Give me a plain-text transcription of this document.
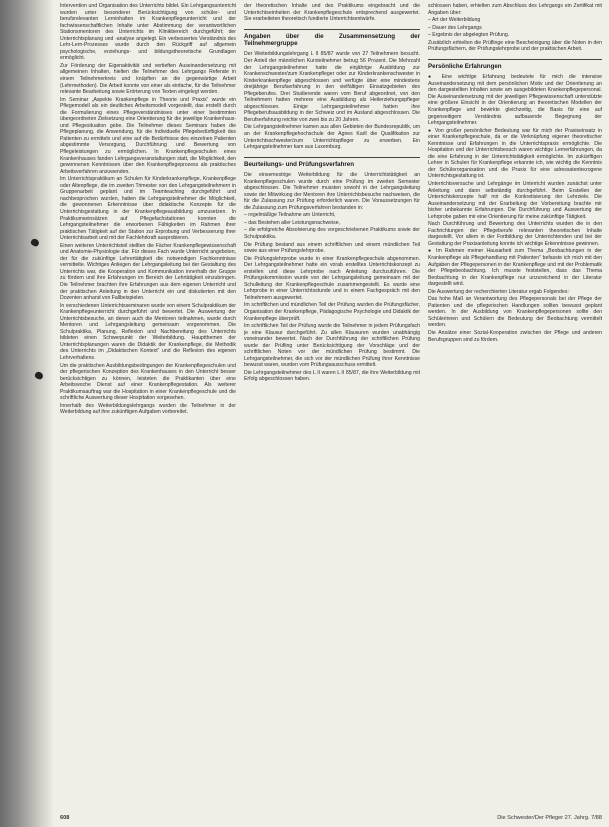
Intervention und Organisation des Unterrichts bildet. Ein Lehrgangsunterricht wurden unter besonderer Berücksichtigung von schüler- und berufsrelevanten Lerninhalten im Krankenpflegeunterricht und der fachwissenschaftlichen Inhalte unter Abstimmung der verantwortlichen Stationsmentoren des Unterrichts im Klinikbereich durchgeführt; der Unterrichtsplanung und -analyse angelegt. Ein verbessertes Verständnis des Lehr-Lern-Prozesses wurde durch den Rückgriff auf allgemein psychologische, erziehungs- und bildungstheoretische Grundlagen ermöglicht.

Zur Förderung der Eigenaktivität und vertieften Auseinandersetzung mit allgemeinen Inhalten, hielten die Teilnehmer des Lehrgangs Referate in einem Teilnehmerkreis und knüpften an die gegenwärtige Arbeit (Lehrmethoden). Die Arbeit konnte von einer als einfache, für die Teilnehmer relevante Bearbeitung sowie Erörterung von Texten eingelegt werden.

Im Seminar „Aspekte Krankenpflege in Theorie und Praxis“ wurde ein Pflegemodell als ein deutliches Arbeitsmodell vorgestellt, das erstellt durch die Formulierung eines Pflegeverständnisses unter einer bestimmten übergeordneten Zielsetzung eine Orientierung für die jeweilige Krankenhaus- und Pflegesituation gebe. Die Teilnehmer dieses Seminars haben die Pflegeplanung, die Anwendung, für die Individuelle Pflegebedürftigkeit des Patienten zu ermitteln und eine auf die Bedürfnisse des einzelnen Patienten abgestimmte Versorgung, Durchführung und Bewertung von Pflegeleistungen zu ermöglichen. In Krankenpflegeschulen eines Krankenhauses fanden Lehrgangsveranstaltungen statt, die Möglichkeit, den gewonnenen Kenntnissen über den Krankenpflegeprozess als praktisches Arbeitsverfahren anzuwenden.

Im Unterrichtspraktikum an Schulen für Kinderkrankenpflege, Krankenpflege oder Altenpflege, die im zweiten Trimester von den Lehrgangsteilnehmern in Gruppenarbeit geplant und im Teamteaching durchgeführt und nachbesprochen wurden, hatten die Lehrgangsteilnehmer die Möglichkeit, die gewonnenen Erkenntnisse über didaktische Konzepte für die Unterrichtsgestaltung in der Krankenpflegeausbildung umzusetzen. In Praktikumseinsätzen auf Pflegefachstationen konnten die Lehrgangsteilnehmer die erworbenen Fähigkeiten im Rahmen ihrer praktischen Tätigkeit auf der Station zur Erprobung und Verbesserung ihrer Unterrichtsarbeit und mit der Fachlehrkraft ausprobieren.

Einen weiteren Unterrichtsteil stellten die Fächer Krankenpflegewissenschaft und Anatomie-Physiologie dar. Für dieses Fach wurde Unterricht angeboten, der für die zukünftige Lehrertätigkeit die notwendigen Fachkenntnisse vermittelte. Wichtiges Anliegen der Lehrgangsleitung bei der Gestaltung des Unterrichts war, die Kooperation und Kommunikation innerhalb der Gruppe zu fördern und ihre Erfahrungen im Bereich der Lehrtätigkeit einzubringen. Die Teilnehmer brachten ihre Erfahrungen aus dem eigenen Unterricht und der praktischen Anleitung in den Unterricht ein und diskutierten mit den Dozenten anhand von Fallbeispielen.

In verschiedenen Unterrichtsseminaren wurde von einem Schulpraktikum der Krankenpflegeunterricht durchgeführt und bewertet. Die Auswertung der Unterrichtsbesuche, an denen auch die Mentoren teilnahmen, wurde durch Mentoren und Lehrgangsleitung gemeinsam vorgenommen. Die Schulpraktika, Planung, Reflexion und Nachbereitung des Unterrichts bildeten einen Schwerpunkt der Weiterbildung. Hauptthemen der Unterrichtsplanungen waren die Didaktik der Krankenpflege, die Methodik des Unterrichts im „Didaktischen Kontext“ und die Reflexion des eigenen Lehrverhaltens.

Um die praktischen Ausbildungsbedingungen der Krankenpflegeschulen und der pflegerischen Konzeption des Krankenhauses in den Unterricht besser berücksichtigen zu können, leisteten die Praktikanten über eine Arbeitswoche Dienst auf einer Krankenpflegestation. Als weiterer Praktikumsauftrag war die Hospitation in einer Krankenpflegeschule und die schriftliche Auswertung dieser Hospitation vorgesehen.

Innerhalb des Weiterbildungslehrgangs wurden die Teilnehmer in der Weiterbildung auf ihre zukünftigen Aufgaben vorbereitet.

der theoretischen Inhalte und des Praktikums eingebracht und die Unterrichtseinheiten der Krankenpflegeschule entsprechend ausgewertet. Sie erarbeiteten theoretisch fundierte Unterrichtsentwürfe.

Angaben über die Zusammensetzung der Teilnehmergruppe

Der Weiterbildungslehrgang L II 85/87 wurde von 27 Teilnehmern besucht. Der Anteil der männlichen Kursteilnehmer betrug 56 Prozent. Die Mehrzahl der Lehrgangsteilnehmer hatte die einjährige Ausbildung zur Krankenschwester/zum Krankenpfleger oder zur Kinderkrankenschwester in Kinderkrankenpflege abgeschlossen und verfügte über eine mindestens dreijährige Berufserfahrung in den vielfältigen Einsatzgebieten des Pflegeberufes. Drei Studierende waren vom Beruf abgeordnet, von den Teilnehmern hatten mehrere eine Ausbildung als Heilerziehungspfleger abgeschlossen. Einige Lehrgangsteilnehmer hatten ihre Pflegeberufsausbildung in der Schweiz und im Ausland abgeschlossen. Die Berufserfahrung reichte von zwei bis zu 20 Jahren.

Die Lehrgangsteilnehmer kamen aus allen Gebieten der Bundesrepublik, um an der Krankenpflegehochschule der Agnes Karll die Qualifikation zur Unterrichtsschwester/zum Unterrichtspfleger zu erwerben. Ein Lehrgangsteilnehmer kam aus Luxemburg.

Beurteilungs- und Prüfungsverfahren

Die einsemestrige Weiterbildung für die Unterrichtstätigkeit an Krankenpflegeschulen wurde durch eine Prüfung im zweiten Semester abgeschlossen. Die Teilnehmer mussten sowohl in der Lehrgangsleitung sowie der Mitwirkung der Mentoren ihre Unterrichtsbesuche nachweisen, die für die Zulassung zur Prüfung erforderlich waren. Die Voraussetzungen für die Zulassung zum Prüfungsverfahren bestanden in:

– regelmäßige Teilnahme am Unterricht,

– das Bestehen aller Leistungsnachweise,

– die erfolgreiche Absolvierung des vorgeschriebenen Praktikums sowie der Schulpraktika.

Die Prüfung bestand aus einem schriftlichen und einem mündlichen Teil sowie aus einer Prüfungslehrprobe.

Die Prüfungslehrprobe wurde in einer Krankenpflegeschule abgenommen. Der Lehrgangsteilnehmer hatte ein vorab erstelltes Unterrichtskonzept zu erstellen und diese Lehrprobe nach Anleitung durchzuführen. Die Prüfungskommission wurde von der Lehrgangsleitung gemeinsam mit der Schulleitung der Krankenpflegeschule zusammengestellt. Es wurde eine Lehrprobe in einer Unterrichtsstunde und in einem Fachgespräch mit den Teilnehmern ausgewertet.

Im schriftlichen und mündlichen Teil der Prüfung wurden die Prüfungsfächer, Organisation der Krankenpflege, Pädagogische Psychologie und Didaktik der Krankenpflege überprüft.

Im schriftlichen Teil der Prüfung wurde die Teilnehmer in jedem Prüfungsfach je eine Klausur durchgeführt. Zu allen Klausuren wurden unabhängig voneinander bewertet. Nach der Durchführung der schriftlichen Prüfung wurde der Prüfling unter Berücksichtigung der Vorschläge und der schriftlichen Noten vor der mündlichen Prüfung bestimmt. Die Lehrgangsteilnehmer, die sich vor der mündlichen Prüfung ihrer Kenntnisse bewusst waren, wurden vom Prüfungsausschuss ermittelt.

Die Lehrgangsteilnehmer des L II waren L II 85/87, die ihre Weiterbildung mit Erfolg abgeschlossen haben.

schlossen haben, erhielten zum Abschluss des Lehrgangs ein Zertifikat mit Angaben über:

– Art der Weiterbildung

– Dauer des Lehrgangs

– Ergebnis der abgelegten Prüfung.

Zusätzlich erhielten die Prüflinge eine Bescheinigung über die Noten in den Prüfungsfächern, der Prüfungslehrprobe und der praktischen Arbeit.

Persönliche Erfahrungen

● Eine wichtige Erfahrung bedeutete für mich die intensive Auseinandersetzung mit dem persönlichen Motiv und der Orientierung an den dargestellten Inhalten sowie am ausgebildeten Krankenpflegepersonal. Die Auseinandersetzung mit der jeweiligen Pflegewissenschaft unterstützte eine größere Einsicht in der Orientierung an theoretischen Modellen der Krankenpflege und bewirkte gleichzeitig, die Basis für eine auf gegenseitigem Verständnis aufbauende Begegnung der Lehrgangsteilnehmer.

● Von großer persönlicher Bedeutung war für mich der Praxiseinsatz in einer Krankenpflegeschule, da er die Verknüpfung eigener theoretischer Kenntnisse und Erfahrungen in die Unterrichtspraxis ermöglichte. Die Hospitation und der Unterrichtsbesuch waren wichtige Lernerfahrungen, da die eine Erfahrung in der Unterrichtstätigkeit ermöglichte. Im zukünftigen Lehrer in Schulen für Krankenpflege erkannte ich, wie wichtig die Kenntnis der Schülerorganisation und die Praxis für eine adressatenbezogene Unterrichtsgestaltung ist.

Unterrichtsversuche und Lehrgänge im Unterricht wurden zunächst unter Anleitung und dann selbständig durchgeführt. Beim Erstellen der Unterrichtskonzepte half mir die Konkretisierung der Lehrziele. Die Auseinandersetzung mit der Erarbeitung der Vorbereitung brachte mir bisher unbekannte Erfahrungen. Die Durchführung und Auswertung der Lehrprobe gaben mir eine Orientierung für meine zukünftige Tätigkeit.

Nach Durchführung und Bewertung des Unterrichts wurden die in den Fachrichtungen der Pflegeberufe relevanten theoretischen Inhalte dargestellt. Vor allem in der Fortbildung der Unterrichtenden und bei der Gestaltung der Praxisanleitung konnte ich wichtige Erkenntnisse gewinnen.

● Im Rahmen meiner Hausarbeit zum Thema „Beobachtungen in der Krankenpflege als Pflegehandlung mit Patienten“ befasste ich mich mit den Aufgaben der Pflegepersonen in der Krankenpflege und mit der Problematik der Pflegebeobachtung. Ich musste feststellen, dass das Thema Beobachtung in der Krankenpflege nur unzureichend in der Literatur dargestellt wird.

Die Auswertung der recherchierten Literatur ergab Folgendes:

Das hohe Maß an Verantwortung des Pflegepersonals bei der Pflege der Patienten und die pflegerischen Handlungen sollten bewusst geplant werden. In der Ausbildung von Krankenpflegepersonen sollte den Schülerinnen und Schülern die Bedeutung der Beobachtung vermittelt werden.

Die Ansätze einer Sozial-Kooperation zwischen der Pflege und anderen Berufsgruppen sind zu fördern.

608	Die Schwester/Der Pfleger 27. Jahrg. 7/88
